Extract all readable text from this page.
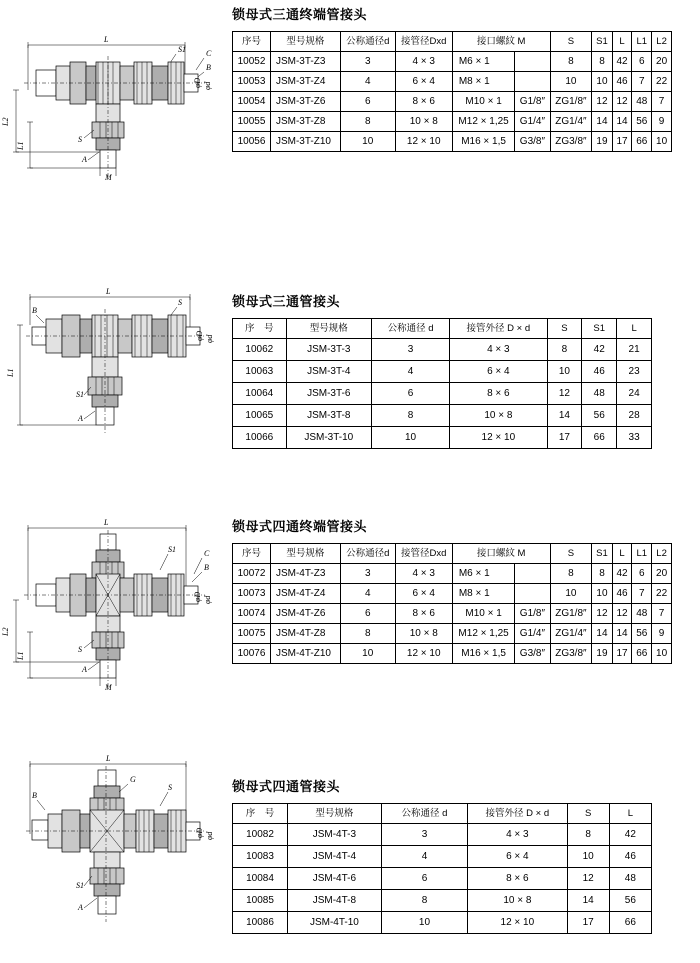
L
S1	C
B
φD φd
S
A
M
L2
L1
锁母式三通终端管接头
序号	型号规格	公称通径d	接管径Dxd	接口螺紋 M		S	S1	L	L1	L2
10052	JSM-3T-Z3	3	4 × 3	M6 × 1		8	8	42	6	20
10053	JSM-3T-Z4	4	6 × 4	M8 × 1		10	10	46	7	22
10054	JSM-3T-Z6	6	8 × 6	M10 × 1	G1/8″	ZG1/8″	12	12	48	7
10055	JSM-3T-Z8	8	10 × 8	M12 × 1,25	G1/4″	ZG1/4″	14	14	56	9
10056	JSM-3T-Z10	10	12 × 10	M16 × 1,5	G3/8″	ZG3/8″	19	17	66	10
L
S
B
φD φd
S1
A
L1
锁母式三通管接头
序　号	型号规格	公称通径 d	接管外径 D × d	S	S1	L
10062	JSM-3T-3	3	4 × 3	8	42	21
10063	JSM-3T-4	4	6 × 4	10	46	23
10064	JSM-3T-6	6	8 × 6	12	48	24
10065	JSM-3T-8	8	10 × 8	14	56	28
10066	JSM-3T-10	10	12 × 10	17	66	33
L
S1	C
B
φD φd
S
A
M
L2
L1
锁母式四通终端管接头
序号	型号规格	公称通径d	接管径Dxd	接口螺紋 M		S	S1	L	L1	L2
10072	JSM-4T-Z3	3	4 × 3	M6 × 1		8	8	42	6	20
10073	JSM-4T-Z4	4	6 × 4	M8 × 1		10	10	46	7	22
10074	JSM-4T-Z6	6	8 × 6	M10 × 1	G1/8″	ZG1/8″	12	12	48	7
10075	JSM-4T-Z8	8	10 × 8	M12 × 1,25	G1/4″	ZG1/4″	14	14	56	9
10076	JSM-4T-Z10	10	12 × 10	M16 × 1,5	G3/8″	ZG3/8″	19	17	66	10
L
G
S
B
φD φd
S1
A
锁母式四通管接头
序　号	型号规格	公称通径 d	接管外径 D × d	S	L
10082	JSM-4T-3	3	4 × 3	8	42
10083	JSM-4T-4	4	6 × 4	10	46
10084	JSM-4T-6	6	8 × 6	12	48
10085	JSM-4T-8	8	10 × 8	14	56
10086	JSM-4T-10	10	12 × 10	17	66
